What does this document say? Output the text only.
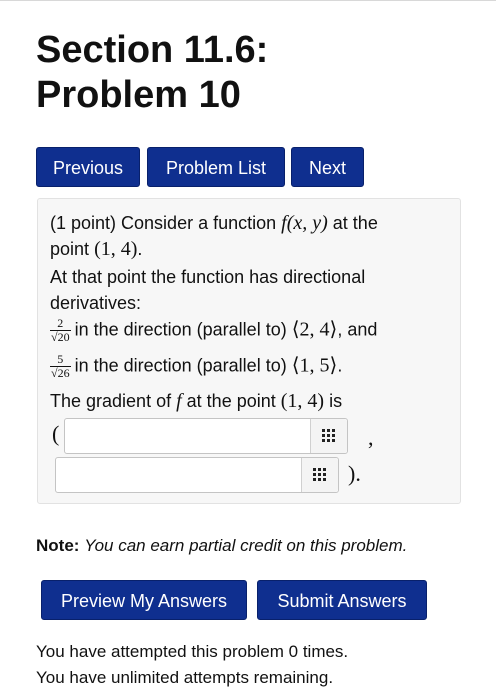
Section 11.6:
Problem 10
Previous	Problem List	Next
(1 point) Consider a function f(x, y) at the
point (1, 4).
At that point the function has directional
derivatives:
$\frac{2}{√20}$ in the direction (parallel to) ⟨2, 4⟩, and
$\frac{5}{√26}$ in the direction (parallel to) ⟨1, 5⟩.
The gradient of f at the point (1, 4) is
(	,
).
Note: You can earn partial credit on this problem.
Preview My Answers	Submit Answers
You have attempted this problem 0 times.
You have unlimited attempts remaining.
